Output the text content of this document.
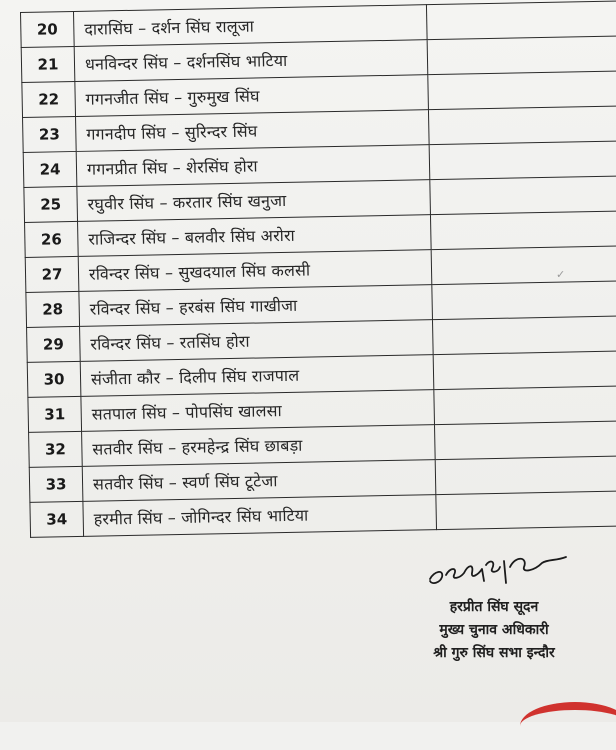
20	दारासिंघ – दर्शन सिंघ रालूजा	
21	धनविन्दर सिंघ – दर्शनसिंघ भाटिया	
22	गगनजीत सिंघ – गुरुमुख सिंघ	
23	गगनदीप सिंघ – सुरिन्दर सिंघ	
24	गगनप्रीत सिंघ – शेरसिंघ होरा	
25	रघुवीर सिंघ – करतार सिंघ खनुजा	
26	राजिन्दर सिंघ – बलवीर सिंघ अरोरा	
27	रविन्दर सिंघ – सुखदयाल सिंघ कलसी	
28	रविन्दर सिंघ – हरबंस सिंघ गाखीजा	
29	रविन्दर सिंघ – रतसिंघ होरा	
30	संजीता कौर – दिलीप सिंघ राजपाल	
31	सतपाल सिंघ – पोपसिंघ खालसा	
32	सतवीर सिंघ – हरमहेन्द्र सिंघ छाबड़ा	
33	सतवीर सिंघ – स्वर्ण सिंघ टूटेजा	
34	हरमीत सिंघ – जोगिन्दर सिंघ भाटिया	
✓
हरप्रीत सिंघ सूदन
मुख्य चुनाव अधिकारी
श्री गुरु सिंघ सभा इन्दौर
